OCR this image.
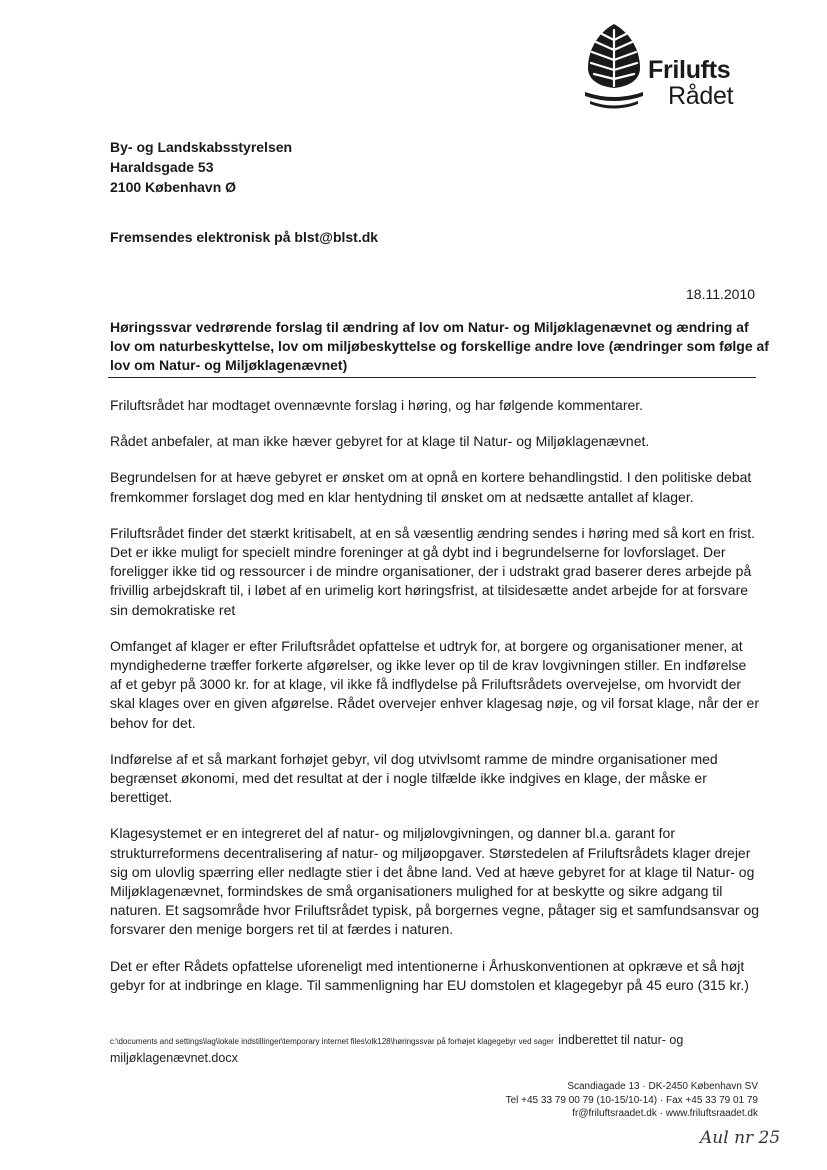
Frilufts
Rådet
By- og Landskabsstyrelsen
Haraldsgade 53
2100 København Ø
Fremsendes elektronisk på blst@blst.dk
18.11.2010
Høringssvar vedrørende forslag til ændring af lov om Natur- og Miljøklagenævnet og ændring af lov om naturbeskyttelse, lov om miljøbeskyttelse og forskellige andre love (ændringer som følge af lov om Natur- og Miljøklagenævnet)

Friluftsrådet har modtaget ovennævnte forslag i høring, og har følgende kommentarer.

Rådet anbefaler, at man ikke hæver gebyret for at klage til Natur- og Miljøklagenævnet.

Begrundelsen for at hæve gebyret er ønsket om at opnå en kortere behandlingstid. I den politiske debat fremkommer forslaget dog med en klar hentydning til ønsket om at nedsætte antallet af klager.

Friluftsrådet finder det stærkt kritisabelt, at en så væsentlig ændring sendes i høring med så kort en frist. Det er ikke muligt for specielt mindre foreninger at gå dybt ind i begrundelserne for lovforslaget. Der foreligger ikke tid og ressourcer i de mindre organisationer, der i udstrakt grad baserer deres arbejde på frivillig arbejdskraft til, i løbet af en urimelig kort høringsfrist, at tilsidesætte andet arbejde for at forsvare sin demokratiske ret

Omfanget af klager er efter Friluftsrådet opfattelse et udtryk for, at borgere og organisationer mener, at myndighederne træffer forkerte afgørelser, og ikke lever op til de krav lovgivningen stiller. En indførelse af et gebyr på 3000 kr. for at klage, vil ikke få indflydelse på Friluftsrådets overvejelse, om hvorvidt der skal klages over en given afgørelse. Rådet overvejer enhver klagesag nøje, og vil forsat klage, når der er behov for det.

Indførelse af et så markant forhøjet gebyr, vil dog utvivlsomt ramme de mindre organisationer med begrænset økonomi, med det resultat at der i nogle tilfælde ikke indgives en klage, der måske er berettiget.

Klagesystemet er en integreret del af natur- og miljølovgivningen, og danner bl.a. garant for strukturreformens decentralisering af natur- og miljøopgaver. Størstedelen af Friluftsrådets klager drejer sig om ulovlig spærring eller nedlagte stier i det åbne land. Ved at hæve gebyret for at klage til Natur- og Miljøklagenævnet, formindskes de små organisationers mulighed for at beskytte og sikre adgang til naturen. Et sagsområde hvor Friluftsrådet typisk, på borgernes vegne, påtager sig et samfundsansvar og forsvarer den menige borgers ret til at færdes i naturen.

Det er efter Rådets opfattelse uforeneligt med intentionerne i Århuskonventionen at opkræve et så højt gebyr for at indbringe en klage. Til sammenligning har EU domstolen et klagegebyr på 45 euro (315 kr.)

c:\documents and settings\lag\lokale indstillinger\temporary internet files\olk128\høringssvar på forhøjet klagegebyr ved sager indberettet til natur- og miljøklagenævnet.docx
Scandiagade 13 · DK-2450 København SV
Tel +45 33 79 00 79 (10-15/10-14) · Fax +45 33 79 01 79
fr@friluftsraadet.dk · www.friluftsraadet.dk
Aul nr 25
